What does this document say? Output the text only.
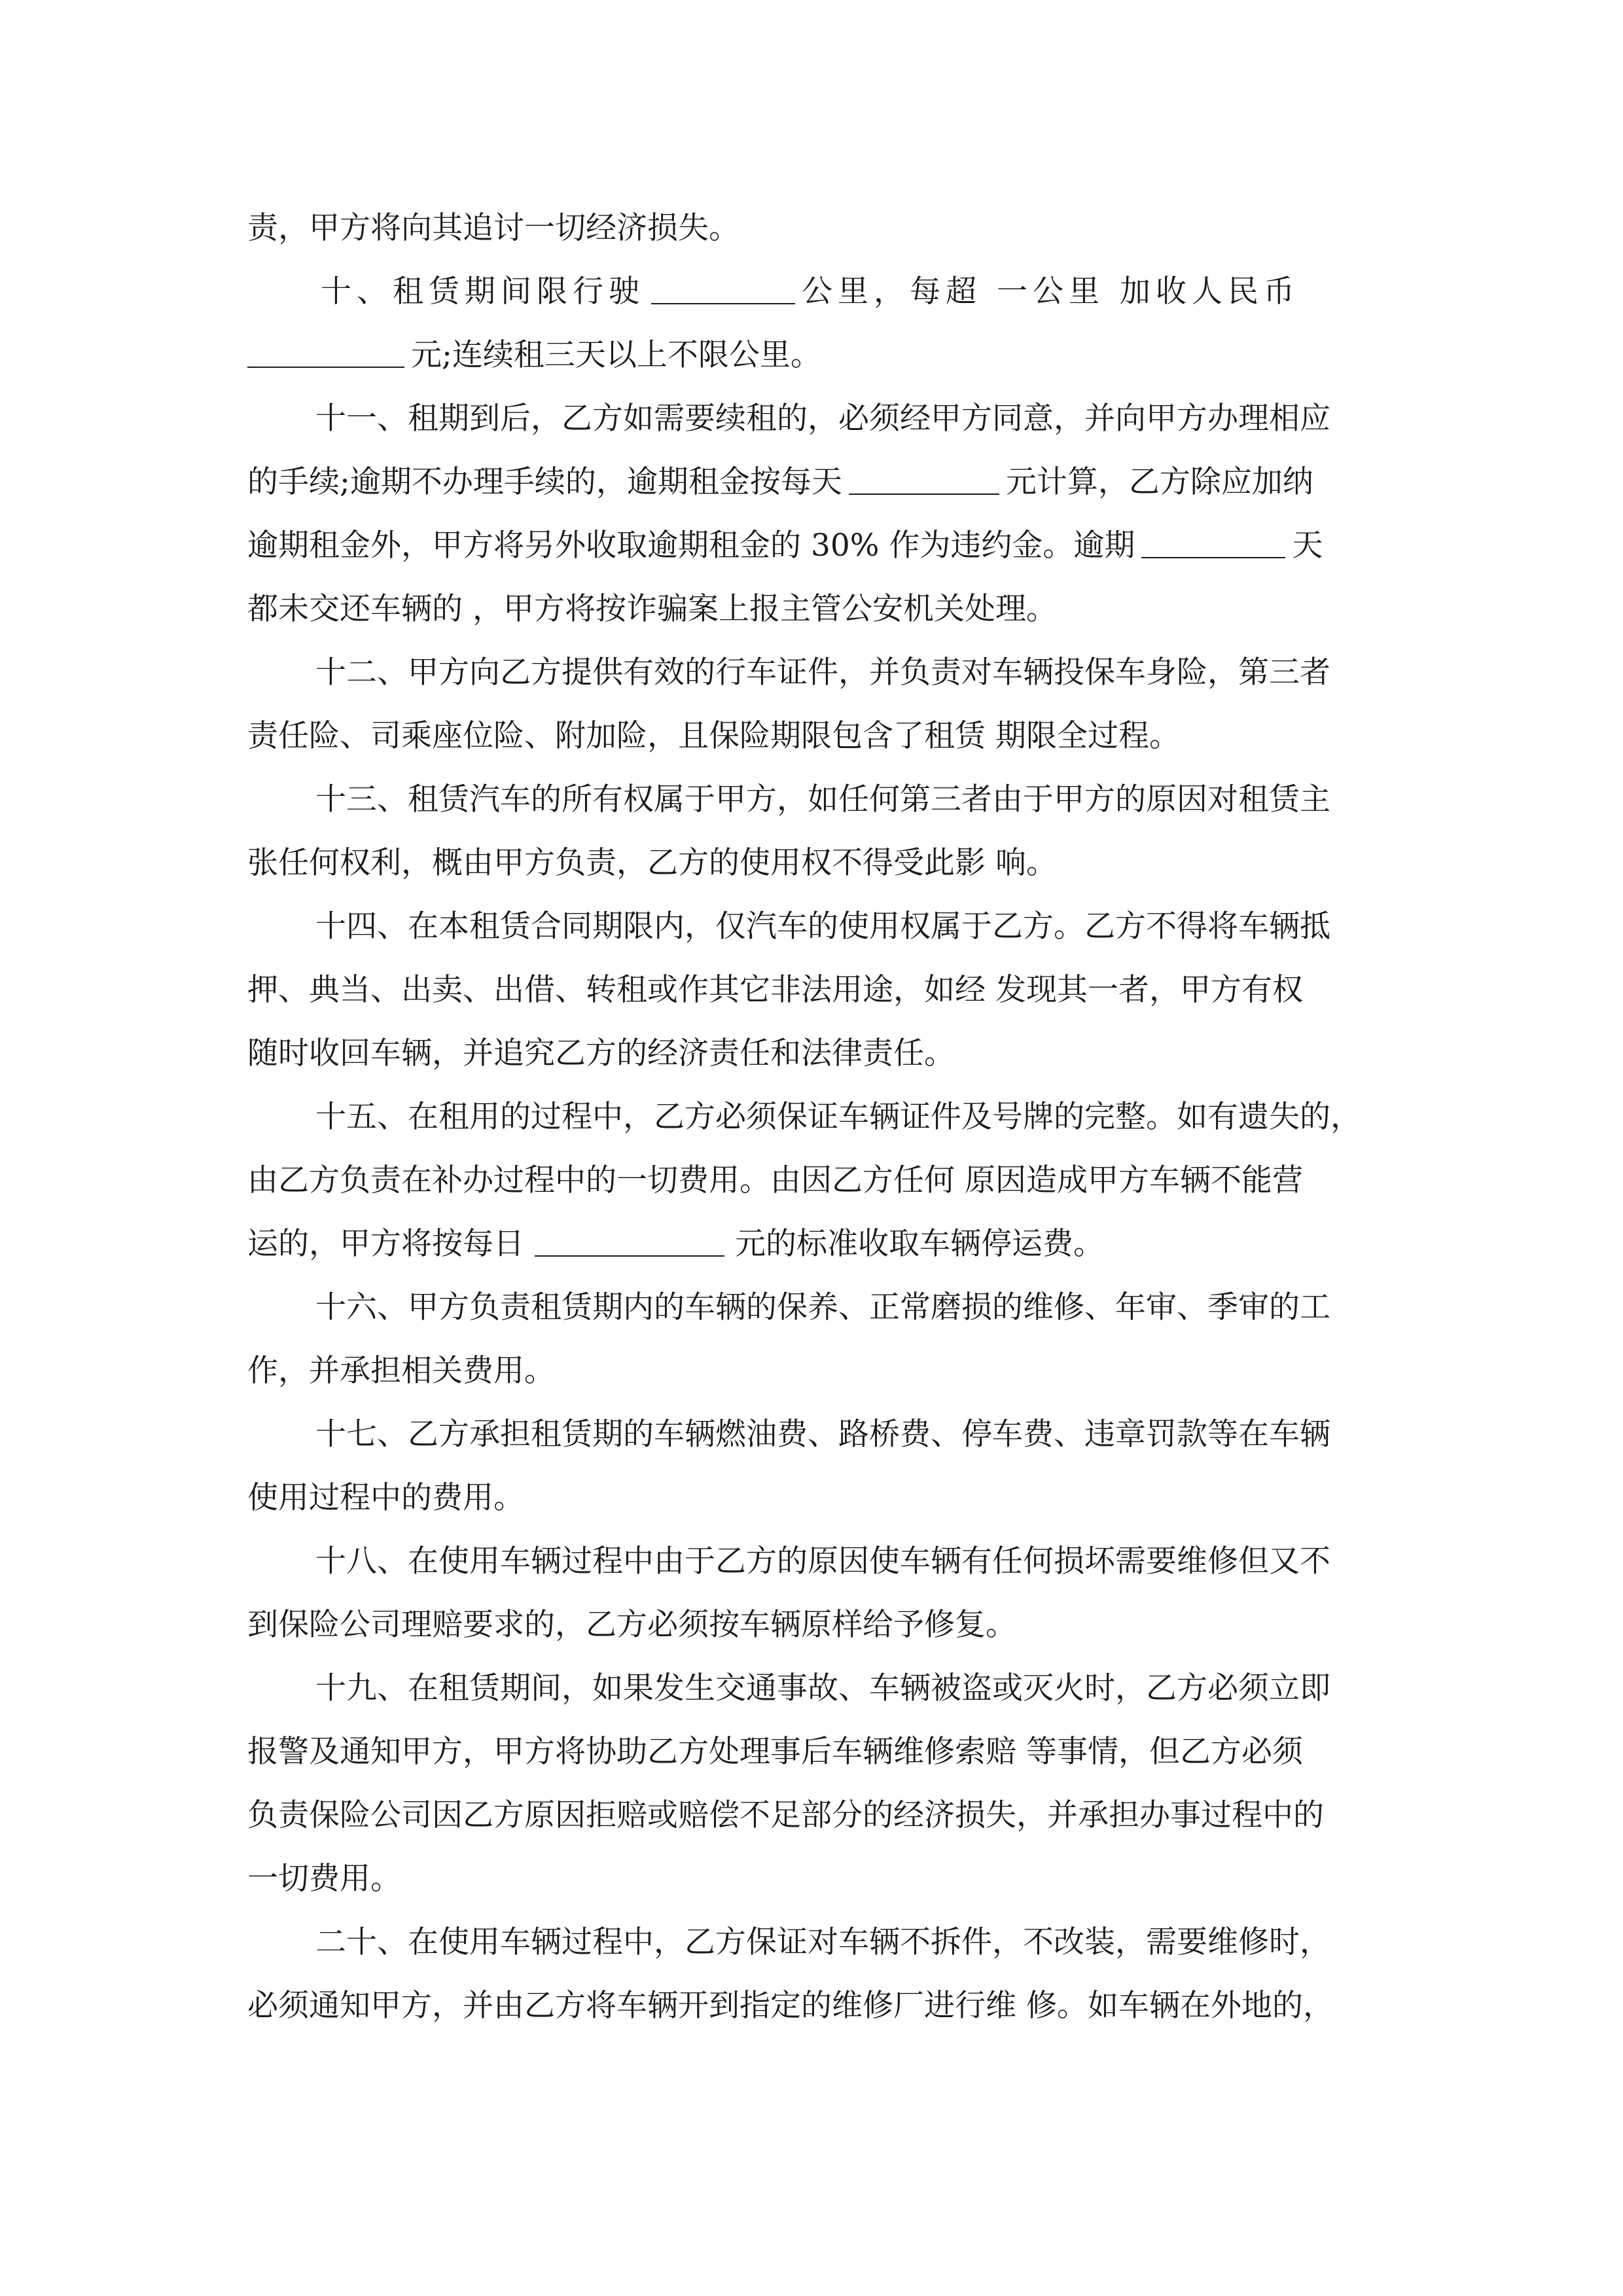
责，甲方将向其追讨一切经济损失。
十、租赁期间限行驶	公里，每超 一公里 加收人民币
元;连续租三天以上不限公里。
十一、租期到后，乙方如需要续租的，必须经甲方同意，并向甲方办理相应
的手续;逾期不办理手续的，逾期租金按每天	元计算，乙方除应加纳
逾期租金外，甲方将另外收取逾期租金的 30% 作为违约金。逾期	天
都未交还车辆的 ，甲方将按诈骗案上报主管公安机关处理。
十二、甲方向乙方提供有效的行车证件，并负责对车辆投保车身险，第三者
责任险、司乘座位险、附加险，且保险期限包含了租赁 期限全过程。
十三、租赁汽车的所有权属于甲方，如任何第三者由于甲方的原因对租赁主
张任何权利，概由甲方负责，乙方的使用权不得受此影 响。
十四、在本租赁合同期限内，仅汽车的使用权属于乙方。乙方不得将车辆抵
押、典当、出卖、出借、转租或作其它非法用途，如经 发现其一者，甲方有权
随时收回车辆，并追究乙方的经济责任和法律责任。
十五、在租用的过程中，乙方必须保证车辆证件及号牌的完整。如有遗失的，
由乙方负责在补办过程中的一切费用。由因乙方任何 原因造成甲方车辆不能营
运的，甲方将按每日	元的标准收取车辆停运费。
十六、甲方负责租赁期内的车辆的保养、正常磨损的维修、年审、季审的工
作，并承担相关费用。
十七、乙方承担租赁期的车辆燃油费、路桥费、停车费、违章罚款等在车辆
使用过程中的费用。
十八、在使用车辆过程中由于乙方的原因使车辆有任何损坏需要维修但又不
到保险公司理赔要求的，乙方必须按车辆原样给予修复。
十九、在租赁期间，如果发生交通事故、车辆被盗或灭火时，乙方必须立即
报警及通知甲方，甲方将协助乙方处理事后车辆维修索赔 等事情，但乙方必须
负责保险公司因乙方原因拒赔或赔偿不足部分的经济损失，并承担办事过程中的
一切费用。
二十、在使用车辆过程中，乙方保证对车辆不拆件，不改装，需要维修时，
必须通知甲方，并由乙方将车辆开到指定的维修厂进行维 修。如车辆在外地的，
